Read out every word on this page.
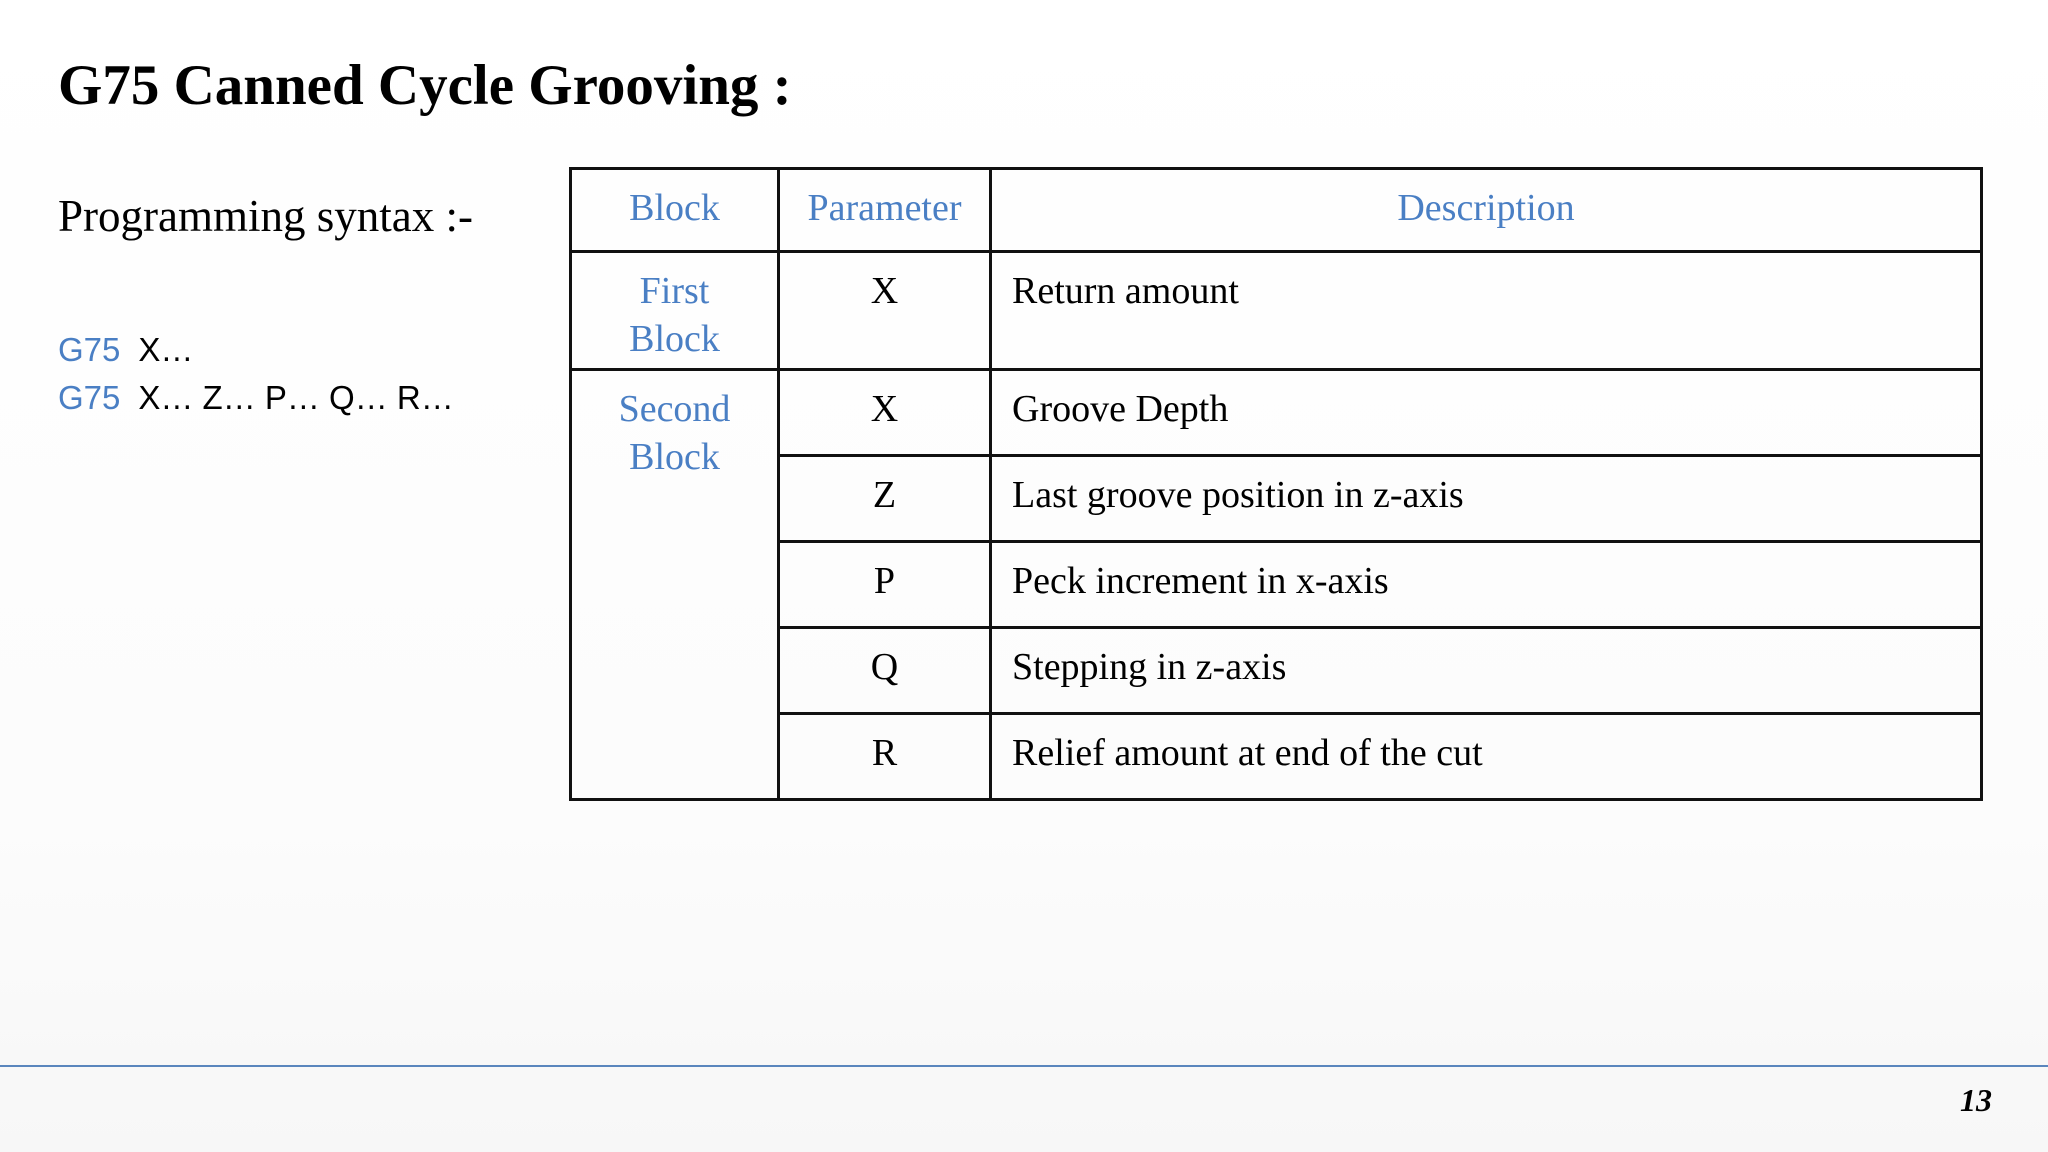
G75 Canned Cycle Grooving :
Programming syntax :-
G75 X…
G75 X… Z… P… Q… R…
Block	Parameter	Description

First
Block	X	Return amount

Second
Block	X	Groove Depth
	Z	Last groove position in z-axis
	P	Peck increment in x-axis
	Q	Stepping in z-axis
	R	Relief amount at end of the cut
13
